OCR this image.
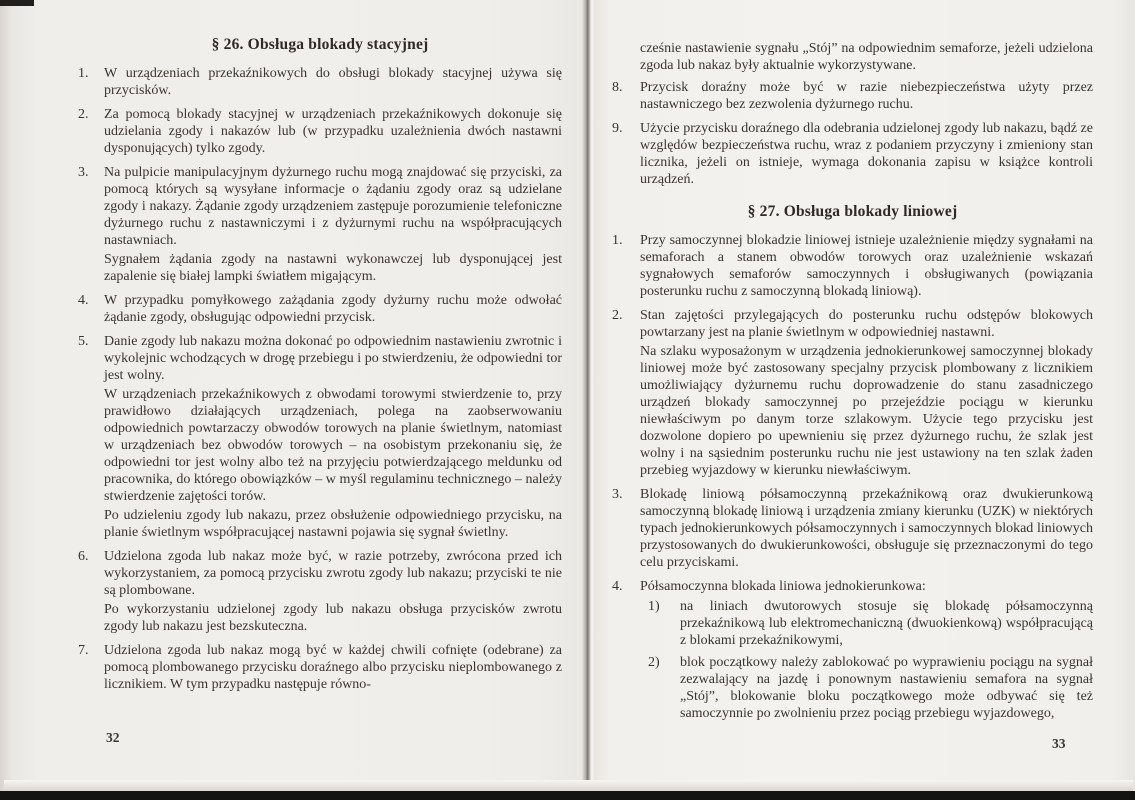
§ 26. Obsługa blokady stacyjnej
1.	W urządzeniach przekaźnikowych do obsługi blokady stacyjnej używa się przycisków.

2.	Za pomocą blokady stacyjnej w urządzeniach przekaźnikowych dokonuje się udzielania zgody i nakazów lub (w przypadku uzależnienia dwóch nastawni dysponujących) tylko zgody.

3.	Na pulpicie manipulacyjnym dyżurnego ruchu mogą znajdować się przyciski, za pomocą których są wysyłane informacje o żądaniu zgody oraz są udzielane zgody i nakazy. Żądanie zgody urządzeniem zastępuje porozumienie telefoniczne dyżurnego ruchu z nastawniczymi i z dyżurnymi ruchu na współpracujących nastawniach.

Sygnałem żądania zgody na nastawni wykonawczej lub dysponującej jest zapalenie się białej lampki światłem migającym.

4.	W przypadku pomyłkowego zażądania zgody dyżurny ruchu może odwołać żądanie zgody, obsługując odpowiedni przycisk.

5.	Danie zgody lub nakazu można dokonać po odpowiednim nastawieniu zwrotnic i wykolejnic wchodzących w drogę przebiegu i po stwierdzeniu, że odpowiedni tor jest wolny.

W urządzeniach przekaźnikowych z obwodami torowymi stwierdzenie to, przy prawidłowo działających urządzeniach, polega na zaobserwowaniu odpowiednich powtarzaczy obwodów torowych na planie świetlnym, natomiast w urządzeniach bez obwodów torowych – na osobistym przekonaniu się, że odpowiedni tor jest wolny albo też na przyjęciu potwierdzającego meldunku od pracownika, do którego obowiązków – w myśl regulaminu technicznego – należy stwierdzenie zajętości torów.

Po udzieleniu zgody lub nakazu, przez obsłużenie odpowiedniego przycisku, na planie świetlnym współpracującej nastawni pojawia się sygnał świetlny.

6.	Udzielona zgoda lub nakaz może być, w razie potrzeby, zwrócona przed ich wykorzystaniem, za pomocą przycisku zwrotu zgody lub nakazu; przyciski te nie są plombowane.

Po wykorzystaniu udzielonej zgody lub nakazu obsługa przycisków zwrotu zgody lub nakazu jest bezskuteczna.

7.	Udzielona zgoda lub nakaz mogą być w każdej chwili cofnięte (odebrane) za pomocą plombowanego przycisku doraźnego albo przycisku nieplombowanego z licznikiem. W tym przypadku następuje równo-

32

cześnie nastawienie sygnału „Stój” na odpowiednim semaforze, jeżeli udzielona zgoda lub nakaz były aktualnie wykorzystywane.

8.	Przycisk doraźny może być w razie niebezpieczeństwa użyty przez nastawniczego bez zezwolenia dyżurnego ruchu.

9.	Użycie przycisku doraźnego dla odebrania udzielonej zgody lub nakazu, bądź ze względów bezpieczeństwa ruchu, wraz z podaniem przyczyny i zmieniony stan licznika, jeżeli on istnieje, wymaga dokonania zapisu w książce kontroli urządzeń.

§ 27. Obsługa blokady liniowej
1.	Przy samoczynnej blokadzie liniowej istnieje uzależnienie między sygnałami na semaforach a stanem obwodów torowych oraz uzależnienie wskazań sygnałowych semaforów samoczynnych i obsługiwanych (powiązania posterunku ruchu z samoczynną blokadą liniową).

2.	Stan zajętości przylegających do posterunku ruchu odstępów blokowych powtarzany jest na planie świetlnym w odpowiedniej nastawni.

Na szlaku wyposażonym w urządzenia jednokierunkowej samoczynnej blokady liniowej może być zastosowany specjalny przycisk plombowany z licznikiem umożliwiający dyżurnemu ruchu doprowadzenie do stanu zasadniczego urządzeń blokady samoczynnej po przejeździe pociągu w kierunku niewłaściwym po danym torze szlakowym. Użycie tego przycisku jest dozwolone dopiero po upewnieniu się przez dyżurnego ruchu, że szlak jest wolny i na sąsiednim posterunku ruchu nie jest ustawiony na ten szlak żaden przebieg wyjazdowy w kierunku niewłaściwym.

3.	Blokadę liniową półsamoczynną przekaźnikową oraz dwukierunkową samoczynną blokadę liniową i urządzenia zmiany kierunku (UZK) w niektórych typach jednokierunkowych półsamoczynnych i samoczynnych blokad liniowych przystosowanych do dwukierunkowości, obsługuje się przeznaczonymi do tego celu przyciskami.

4.	Półsamoczynna blokada liniowa jednokierunkowa:

1)	na liniach dwutorowych stosuje się blokadę półsamoczynną przekaźnikową lub elektromechaniczną (dwuokienkową) współpracującą z blokami przekaźnikowymi,

2)	blok początkowy należy zablokować po wyprawieniu pociągu na sygnał zezwalający na jazdę i ponownym nastawieniu semafora na sygnał „Stój”, blokowanie bloku początkowego może odbywać się też samoczynnie po zwolnieniu przez pociąg przebiegu wyjazdowego,

33
